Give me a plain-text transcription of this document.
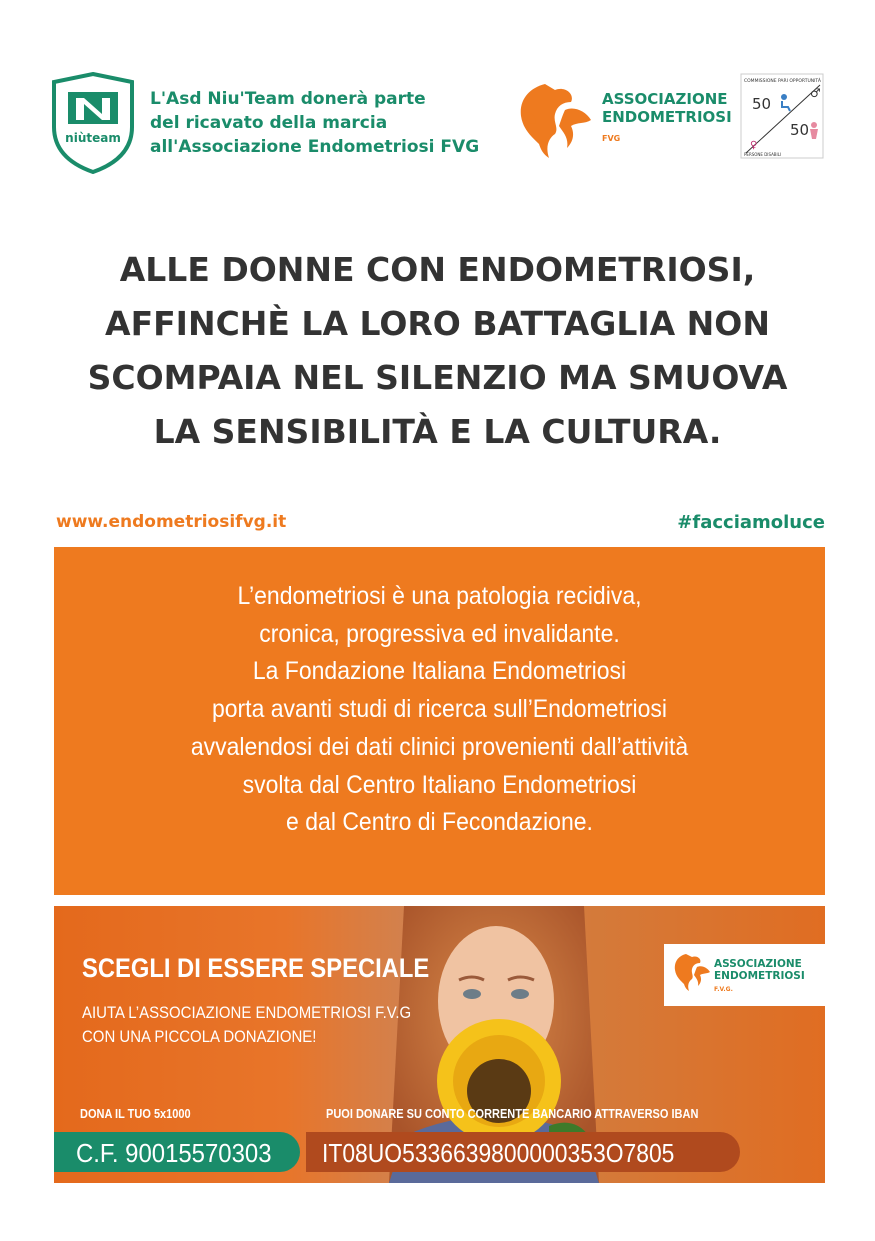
niùteam
L'Asd Niu'Team donerà parte
del ricavato della marcia
all'Associazione Endometriosi FVG
ASSOCIAZIONE
ENDOMETRIOSI
FVG
COMMISSIONE PARI OPPORTUNITÀ
50
♂
50
♀
PERSONE DISABILI
ALLE DONNE CON ENDOMETRIOSI,
AFFINCHÈ LA LORO BATTAGLIA NON
SCOMPAIA NEL SILENZIO MA SMUOVA
LA SENSIBILITÀ E LA CULTURA.
www.endometriosifvg.it	#facciamoluce
L’endometriosi è una patologia recidiva,
cronica, progressiva ed invalidante.
La Fondazione Italiana Endometriosi
porta avanti studi di ricerca sull’Endometriosi
avvalendosi dei dati clinici provenienti dall’attività
svolta dal Centro Italiano Endometriosi
e dal Centro di Fecondazione.
SCEGLI DI ESSERE SPECIALE
AIUTA L’ASSOCIAZIONE ENDOMETRIOSI F.V.G
CON UNA PICCOLA DONAZIONE!
ASSOCIAZIONE
ENDOMETRIOSI F.V.G.
DONA IL TUO 5x1000	PUOI DONARE SU CONTO CORRENTE BANCARIO ATTRAVERSO IBAN
C.F. 90015570303 IT08UO5336639800000353O7805
